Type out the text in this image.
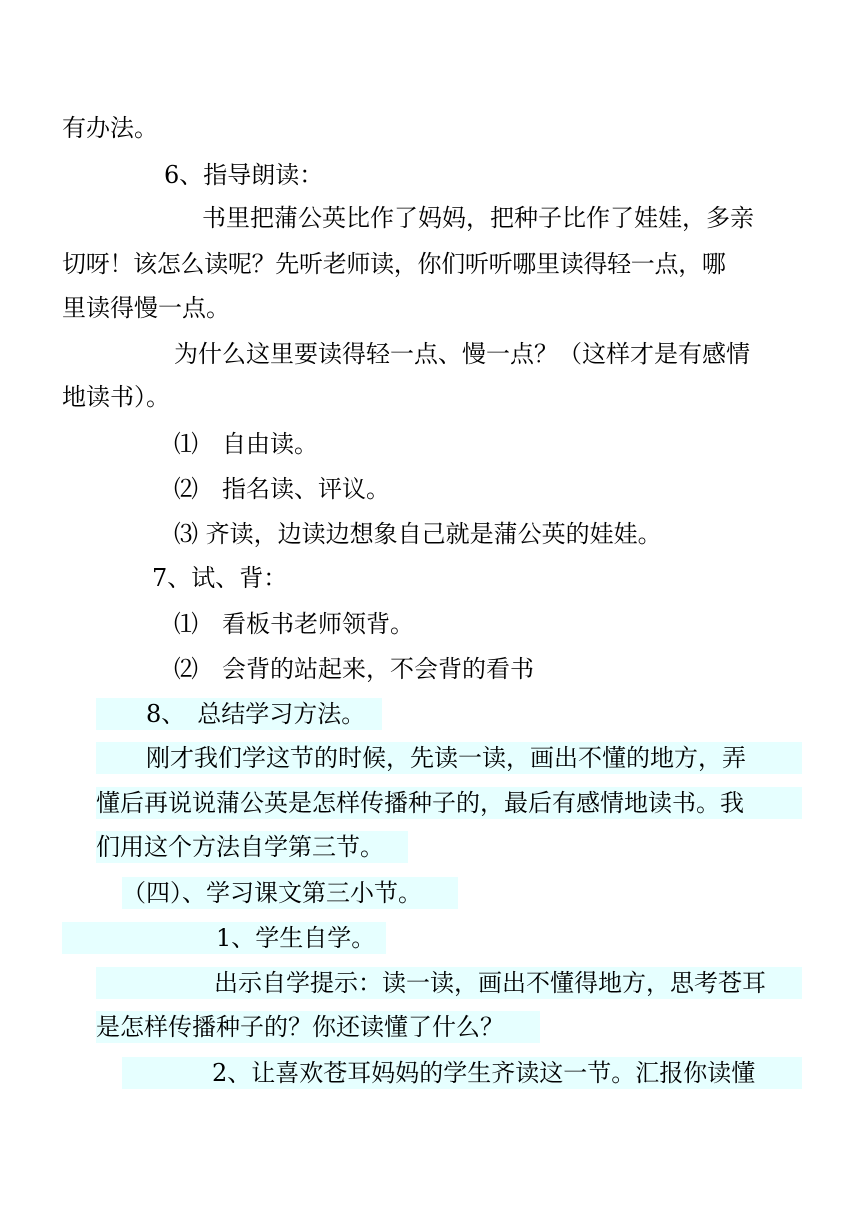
有办法。
6、指导朗读：
书里把蒲公英比作了妈妈，把种子比作了娃娃，多亲
切呀！该怎么读呢？先听老师读，你们听听哪里读得轻一点，哪
里读得慢一点。
为什么这里要读得轻一点、慢一点？（这样才是有感情
地读书）。
⑴　自由读。
⑵　指名读、评议。
⑶ 齐读，边读边想象自己就是蒲公英的娃娃。
7、试、背：
⑴　看板书老师领背。
⑵　会背的站起来，不会背的看书
8、　总结学习方法。
刚才我们学这节的时候，先读一读，画出不懂的地方，弄
懂后再说说蒲公英是怎样传播种子的，最后有感情地读书。我
们用这个方法自学第三节。
（四）、学习课文第三小节。
1、学生自学。
出示自学提示：读一读，画出不懂得地方，思考苍耳
是怎样传播种子的？你还读懂了什么？
2、让喜欢苍耳妈妈的学生齐读这一节。汇报你读懂
